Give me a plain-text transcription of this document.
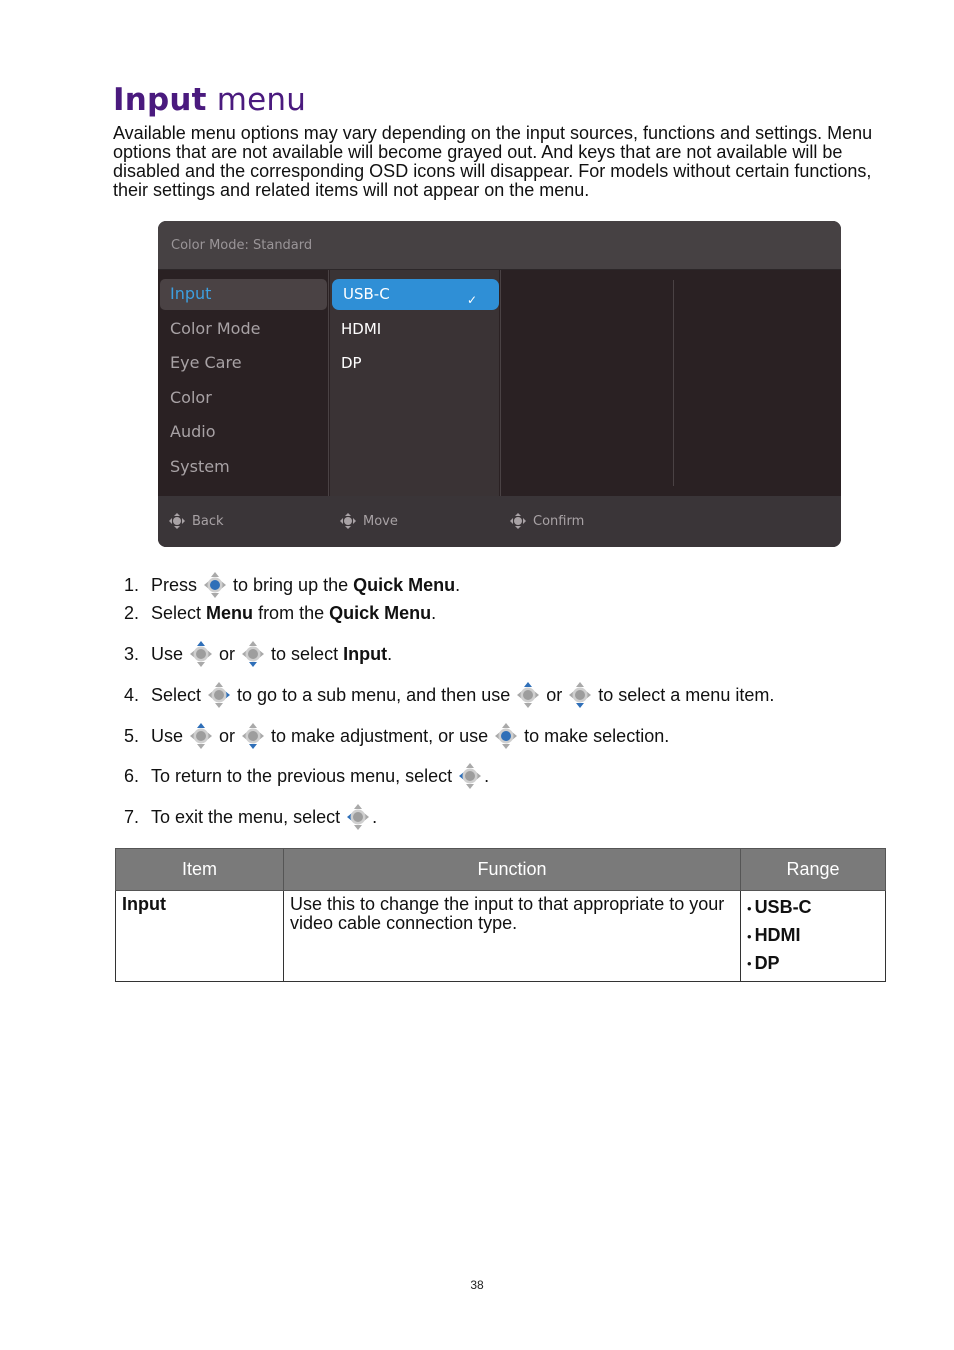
Input menu

Available menu options may vary depending on the input sources, functions and settings. Menu options that are not available will become grayed out. And keys that are not available will be disabled and the corresponding OSD icons will disappear. For models without certain functions, their settings and related items will not appear on the menu.

Color Mode: Standard
Input
Color Mode
Eye Care
Color
Audio
System
USB-C	✓
HDMI
DP
Back	Move	Confirm
1. Press to bring up the
Quick Menu .
2. Select
Menu
from the
Quick Menu .
3. Use or to select
Input .
4. Select to go to a sub menu, and then use or to select a menu item.
5. Use or to make adjustment, or use to make selection.
6. To return to the previous menu, select .
7. To exit the menu, select .
Item	Function	Range
Input	Use this to change the input to that appropriate to your video cable connection type.	• USB-C
• HDMI
• DP
38
